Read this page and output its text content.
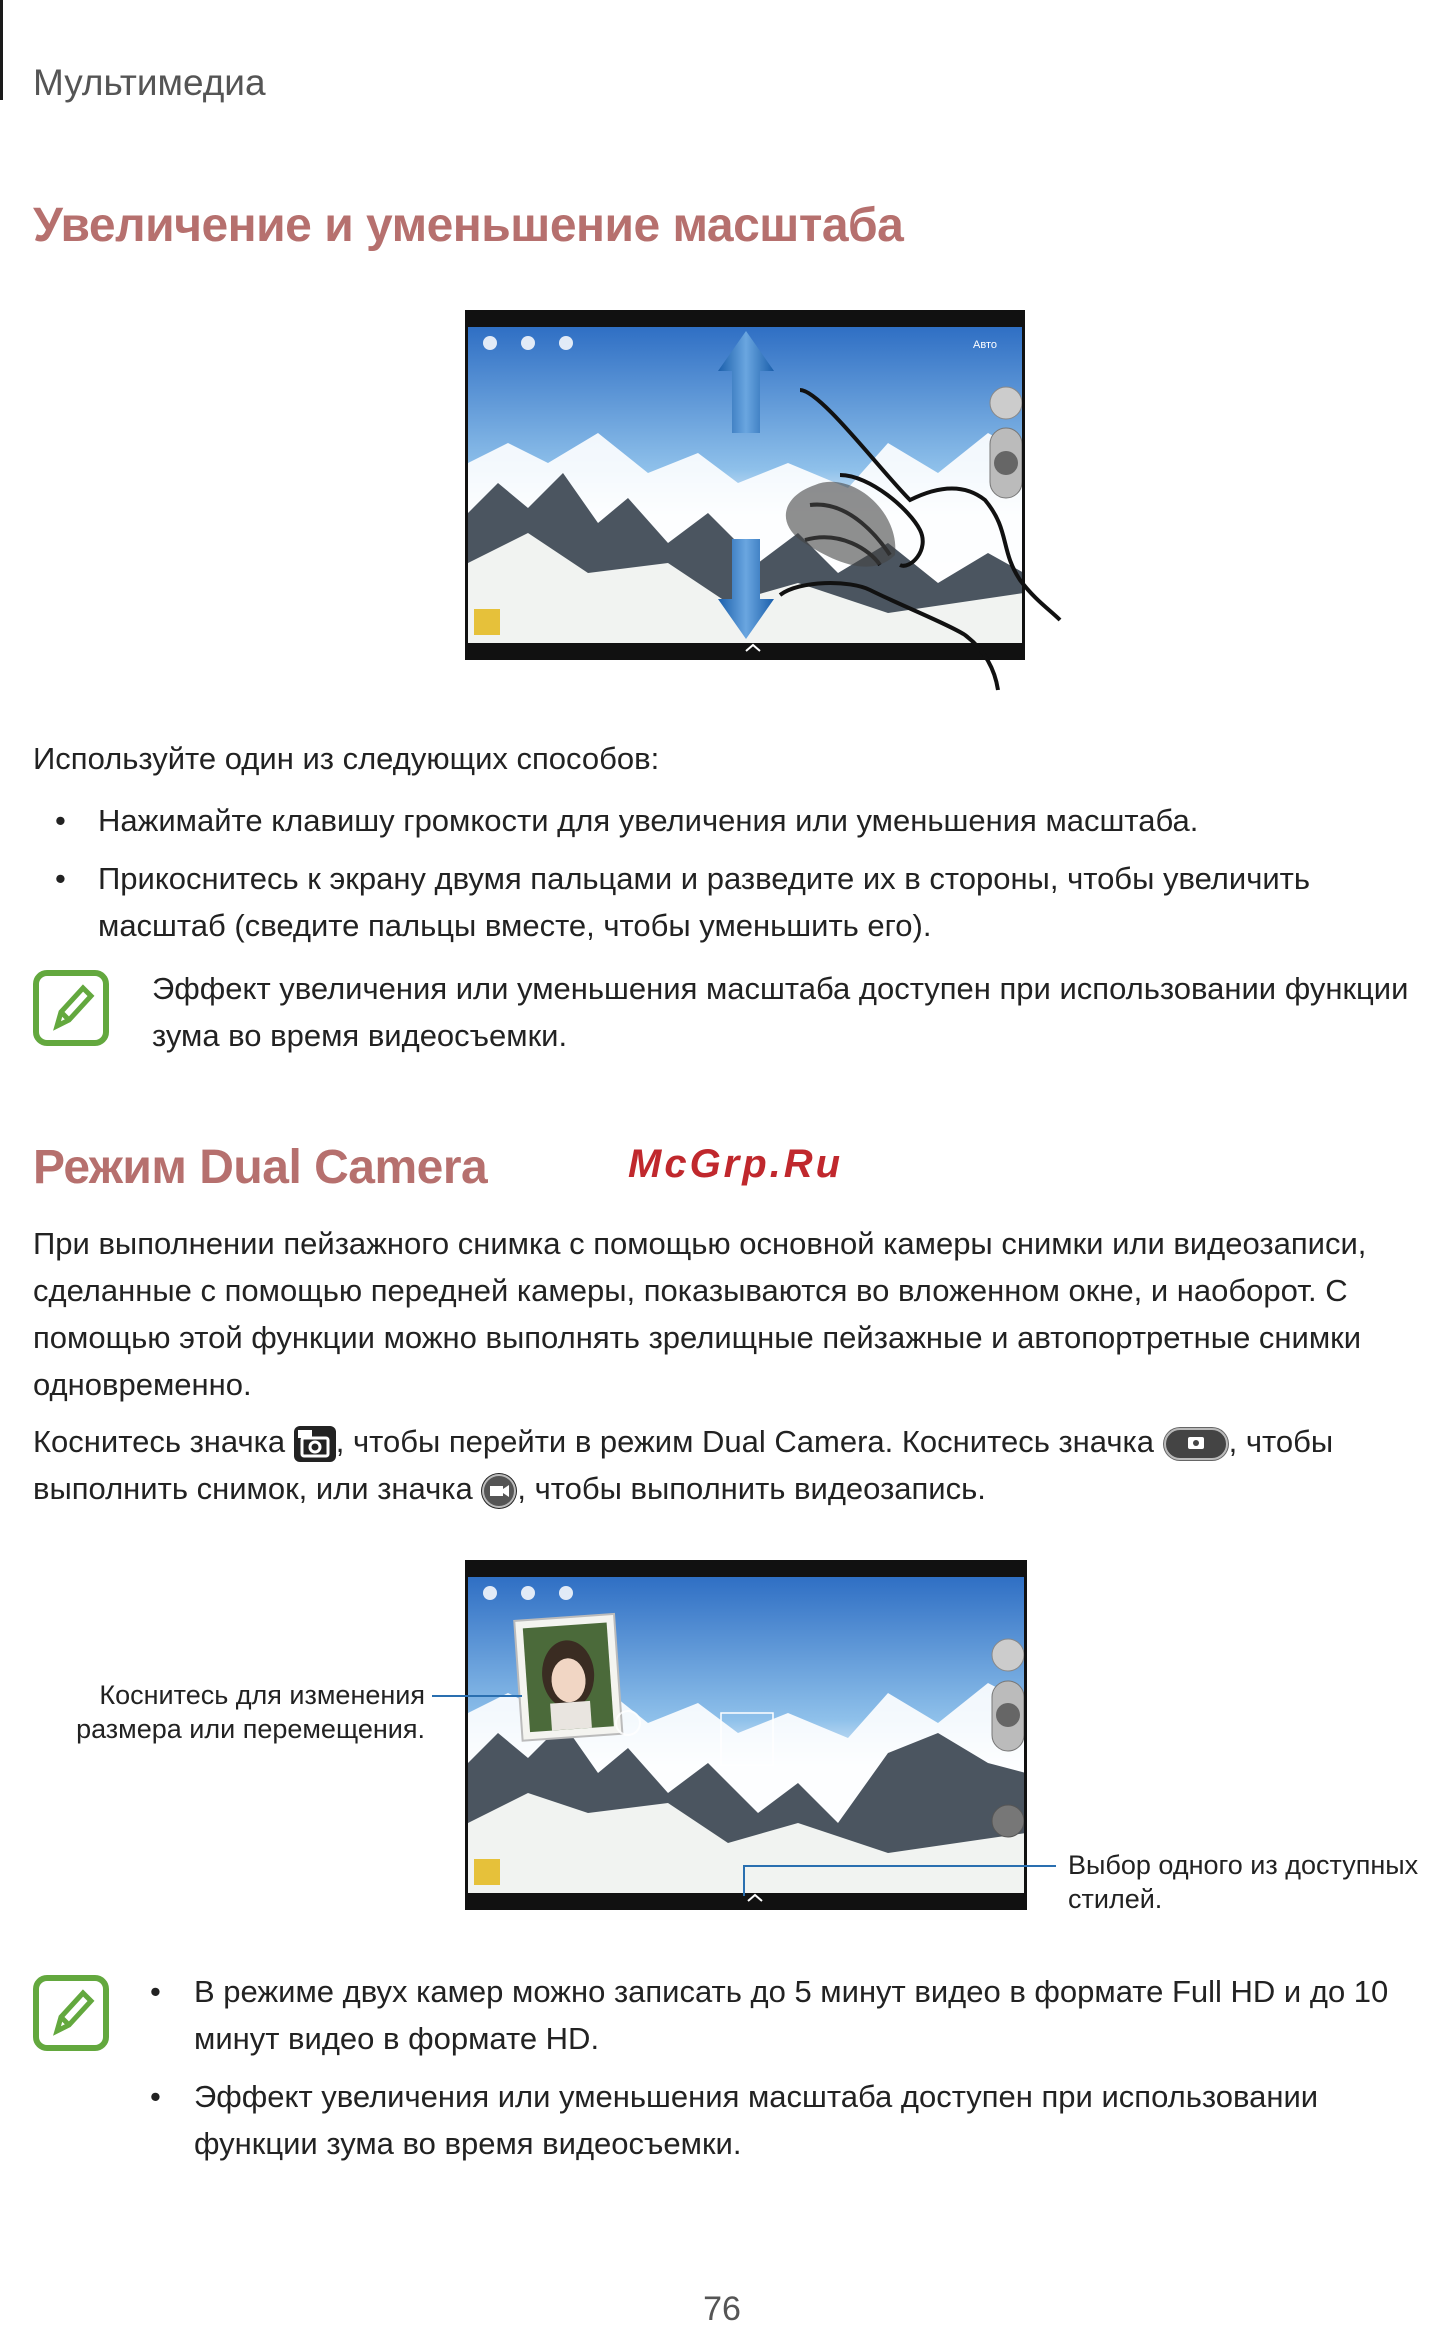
Мультимедиа
Увеличение и уменьшение масштаба
Авто
Используйте один из следующих способов:
• Нажимайте клавишу громкости для увеличения или уменьшения масштаба.
• Прикоснитесь к экрану двумя пальцами и разведите их в стороны, чтобы увеличить масштаб (сведите пальцы вместе, чтобы уменьшить его).
Эффект увеличения или уменьшения масштаба доступен при использовании функции зума во время видеосъемки.
Режим Dual Camera	McGrp.Ru
При выполнении пейзажного снимка с помощью основной камеры снимки или видеозаписи, сделанные с помощью передней камеры, показываются во вложенном окне, и наоборот. С помощью этой функции можно выполнять зрелищные пейзажные и автопортретные снимки одновременно.
Коснитесь значка , чтобы перейти в режим Dual Camera. Коснитесь значка , чтобы выполнить снимок, или значка , чтобы выполнить видеозапись.
Коснитесь для изменения размера или перемещения.
Выбор одного из доступных стилей.
• В режиме двух камер можно записать до 5 минут видео в формате Full HD и до 10 минут видео в формате HD.
• Эффект увеличения или уменьшения масштаба доступен при использовании функции зума во время видеосъемки.
76
